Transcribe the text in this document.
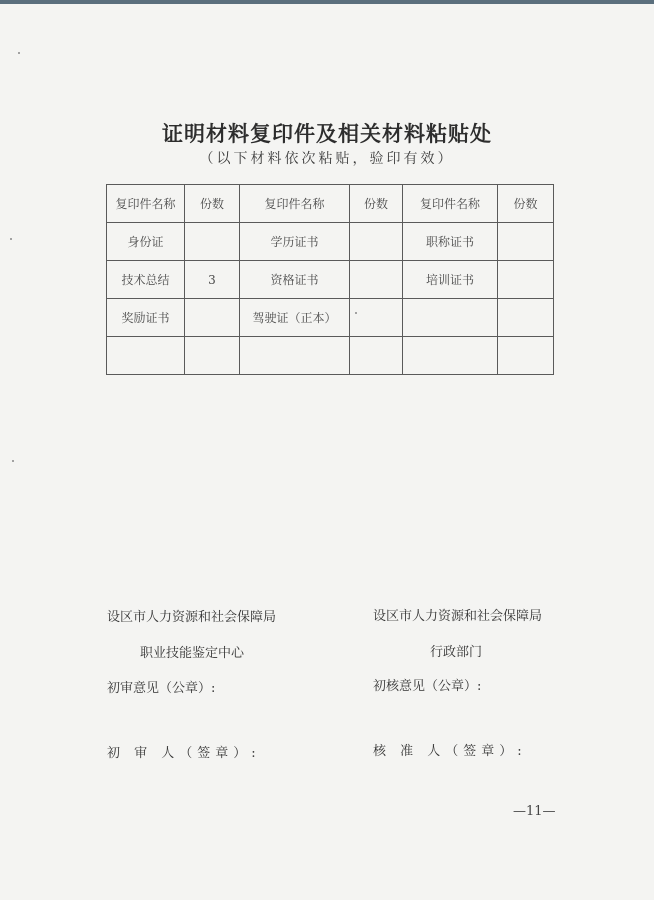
证明材料复印件及相关材料粘贴处
（以下材料依次粘贴，验印有效）
复印件名称	份数	复印件名称	份数	复印件名称	份数
身份证		学历证书		职称证书	
技术总结	3	资格证书		培训证书	
奖励证书		驾驶证（正本）			

设区市人力资源和社会保障局
职业技能鉴定中心
初审意见（公章）:
初 审 人（签章）:
设区市人力资源和社会保障局
行政部门
初核意见（公章）:
核 准 人（签章）:
—11—
